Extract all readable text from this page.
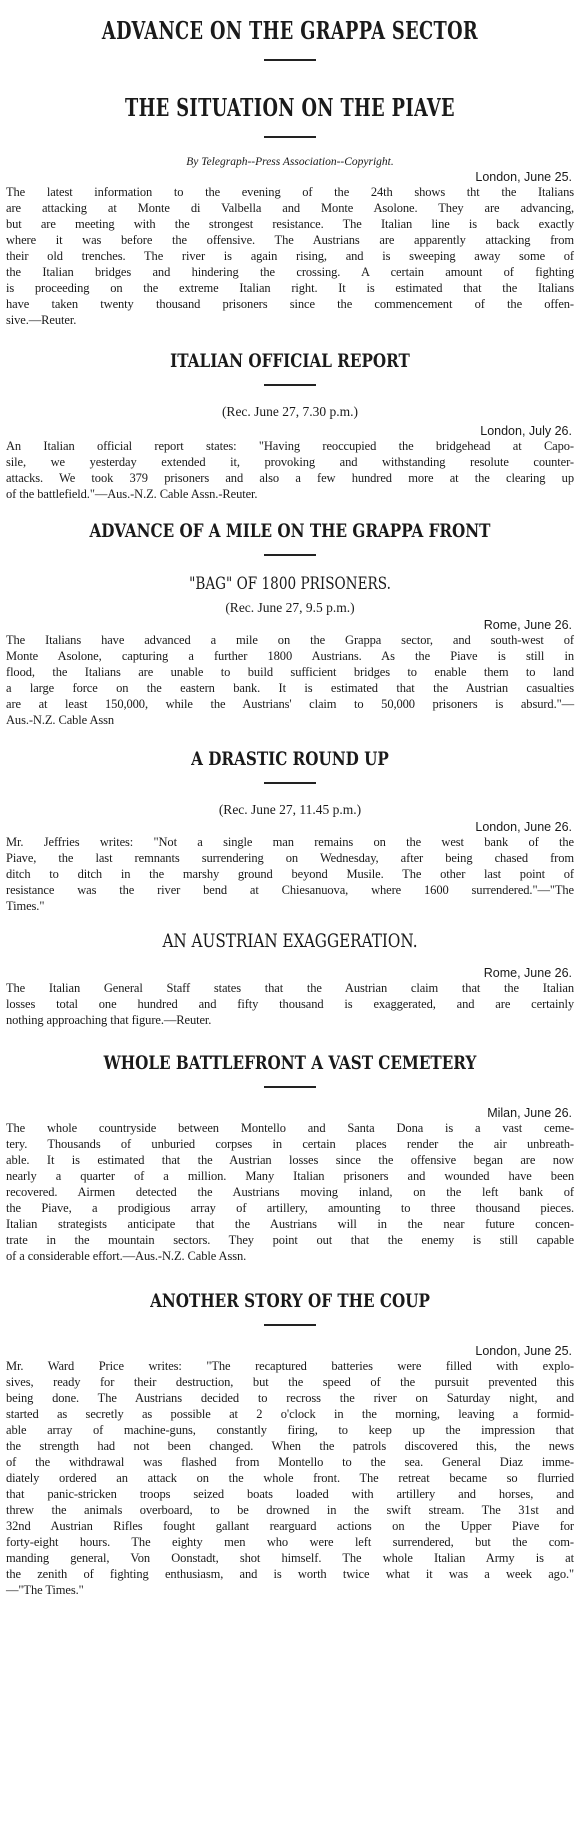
ADVANCE ON THE GRAPPA SECTOR
THE SITUATION ON THE PIAVE

By Telegraph--Press Association--Copyright.

London, June 25.

The latest information to the evening of the 24th shows tht the Italians
are attacking at Monte di Valbella and Monte Asolone. They are advancing,
but are meeting with the strongest resistance. The Italian line is back exactly
where it was before the offensive. The Austrians are apparently attacking from
their old trenches. The river is again rising, and is sweeping away some of
the Italian bridges and hindering the crossing. A certain amount of fighting
is proceeding on the extreme Italian right. It is estimated that the Italians
have taken twenty thousand prisoners since the commencement of the offen-
sive.—Reuter.
ITALIAN OFFICIAL REPORT

(Rec. June 27, 7.30 p.m.)

London, July 26.

An Italian official report states: "Having reoccupied the bridgehead at Capo-
sile, we yesterday extended it, provoking and withstanding resolute counter-
attacks. We took 379 prisoners and also a few hundred more at the clearing up
of the battlefield."—Aus.-N.Z. Cable Assn.-Reuter.
ADVANCE OF A MILE ON THE GRAPPA FRONT

"BAG" OF 1800 PRISONERS.

(Rec. June 27, 9.5 p.m.)

Rome, June 26.

The Italians have advanced a mile on the Grappa sector, and south-west of
Monte Asolone, capturing a further 1800 Austrians. As the Piave is still in
flood, the Italians are unable to build sufficient bridges to enable them to land
a large force on the eastern bank. It is estimated that the Austrian casualties
are at least 150,000, while the Austrians' claim to 50,000 prisoners is absurd."—
Aus.-N.Z. Cable Assn
A DRASTIC ROUND UP

(Rec. June 27, 11.45 p.m.)

London, June 26.

Mr. Jeffries writes: "Not a single man remains on the west bank of the
Piave, the last remnants surrendering on Wednesday, after being chased from
ditch to ditch in the marshy ground beyond Musile. The other last point of
resistance was the river bend at Chiesanuova, where 1600 surrendered."—"The
Times."
AN AUSTRIAN EXAGGERATION.

Rome, June 26.

The Italian General Staff states that the Austrian claim that the Italian
losses total one hundred and fifty thousand is exaggerated, and are certainly
nothing approaching that figure.—Reuter.
WHOLE BATTLEFRONT A VAST CEMETERY

Milan, June 26.

The whole countryside between Montello and Santa Dona is a vast ceme-
tery. Thousands of unburied corpses in certain places render the air unbreath-
able. It is estimated that the Austrian losses since the offensive began are now
nearly a quarter of a million. Many Italian prisoners and wounded have been
recovered. Airmen detected the Austrians moving inland, on the left bank of
the Piave, a prodigious array of artillery, amounting to three thousand pieces.
Italian strategists anticipate that the Austrians will in the near future concen-
trate in the mountain sectors. They point out that the enemy is still capable
of a considerable effort.—Aus.-N.Z. Cable Assn.
ANOTHER STORY OF THE COUP

London, June 25.

Mr. Ward Price writes: "The recaptured batteries were filled with explo-
sives, ready for their destruction, but the speed of the pursuit prevented this
being done. The Austrians decided to recross the river on Saturday night, and
started as secretly as possible at 2 o'clock in the morning, leaving a formid-
able array of machine-guns, constantly firing, to keep up the impression that
the strength had not been changed. When the patrols discovered this, the news
of the withdrawal was flashed from Montello to the sea. General Diaz imme-
diately ordered an attack on the whole front. The retreat became so flurried
that panic-stricken troops seized boats loaded with artillery and horses, and
threw the animals overboard, to be drowned in the swift stream. The 31st and
32nd Austrian Rifles fought gallant rearguard actions on the Upper Piave for
forty-eight hours. The eighty men who were left surrendered, but the com-
manding general, Von Oonstadt, shot himself. The whole Italian Army is at
the zenith of fighting enthusiasm, and is worth twice what it was a week ago."
—"The Times."
